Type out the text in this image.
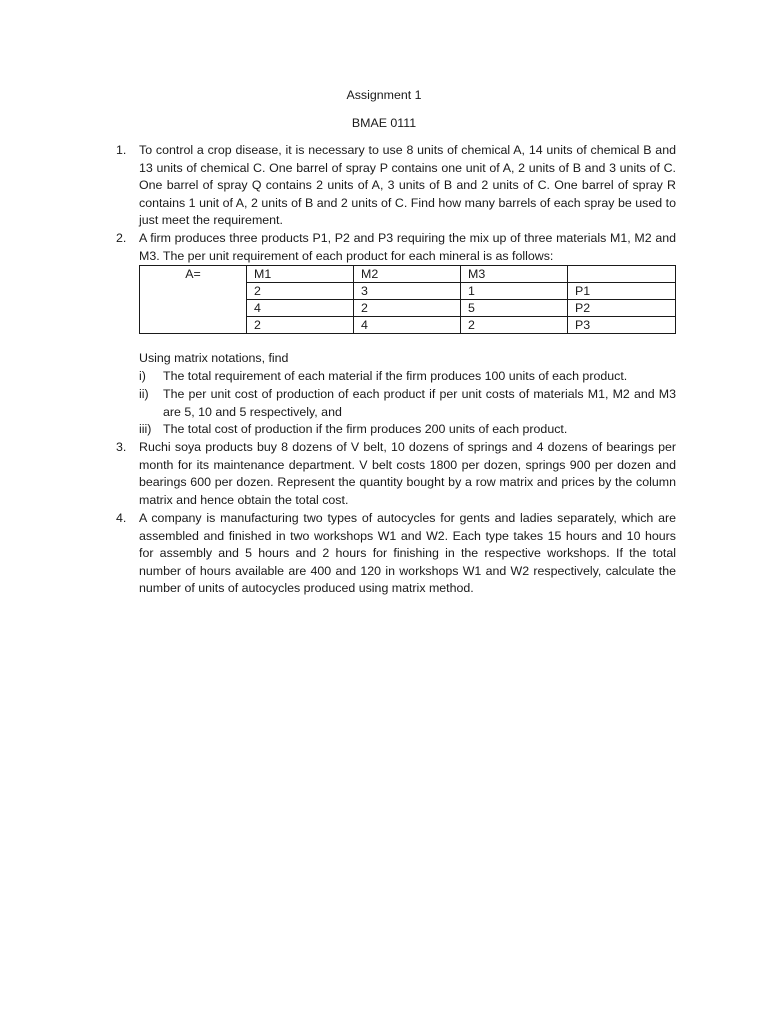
Assignment 1
BMAE 0111
1.	To control a crop disease, it is necessary to use 8 units of chemical A, 14 units of chemical B and 13 units of chemical C. One barrel of spray P contains one unit of A, 2 units of B and 3 units of C. One barrel of spray Q contains 2 units of A, 3 units of B and 2 units of C. One barrel of spray R contains 1 unit of A, 2 units of B and 2 units of C. Find how many barrels of each spray be used to just meet the requirement.
2.	A firm produces three products P1, P2 and P3 requiring the mix up of three materials M1, M2 and M3. The per unit requirement of each product for each mineral is as follows:
A=	M1	M2	M3	
	2	3	1	P1
	4	2	5	P2
	2	4	2	P3
Using matrix notations, find
i) The total requirement of each material if the firm produces 100 units of each product.
ii) The per unit cost of production of each product if per unit costs of materials M1, M2 and M3 are 5, 10 and 5 respectively, and
iii) The total cost of production if the firm produces 200 units of each product.
3.	Ruchi soya products buy 8 dozens of V belt, 10 dozens of springs and 4 dozens of bearings per month for its maintenance department. V belt costs 1800 per dozen, springs 900 per dozen and bearings 600 per dozen. Represent the quantity bought by a row matrix and prices by the column matrix and hence obtain the total cost.
4.	A company is manufacturing two types of autocycles for gents and ladies separately, which are assembled and finished in two workshops W1 and W2. Each type takes 15 hours and 10 hours for assembly and 5 hours and 2 hours for finishing in the respective workshops. If the total number of hours available are 400 and 120 in workshops W1 and W2 respectively, calculate the number of units of autocycles produced using matrix method.
